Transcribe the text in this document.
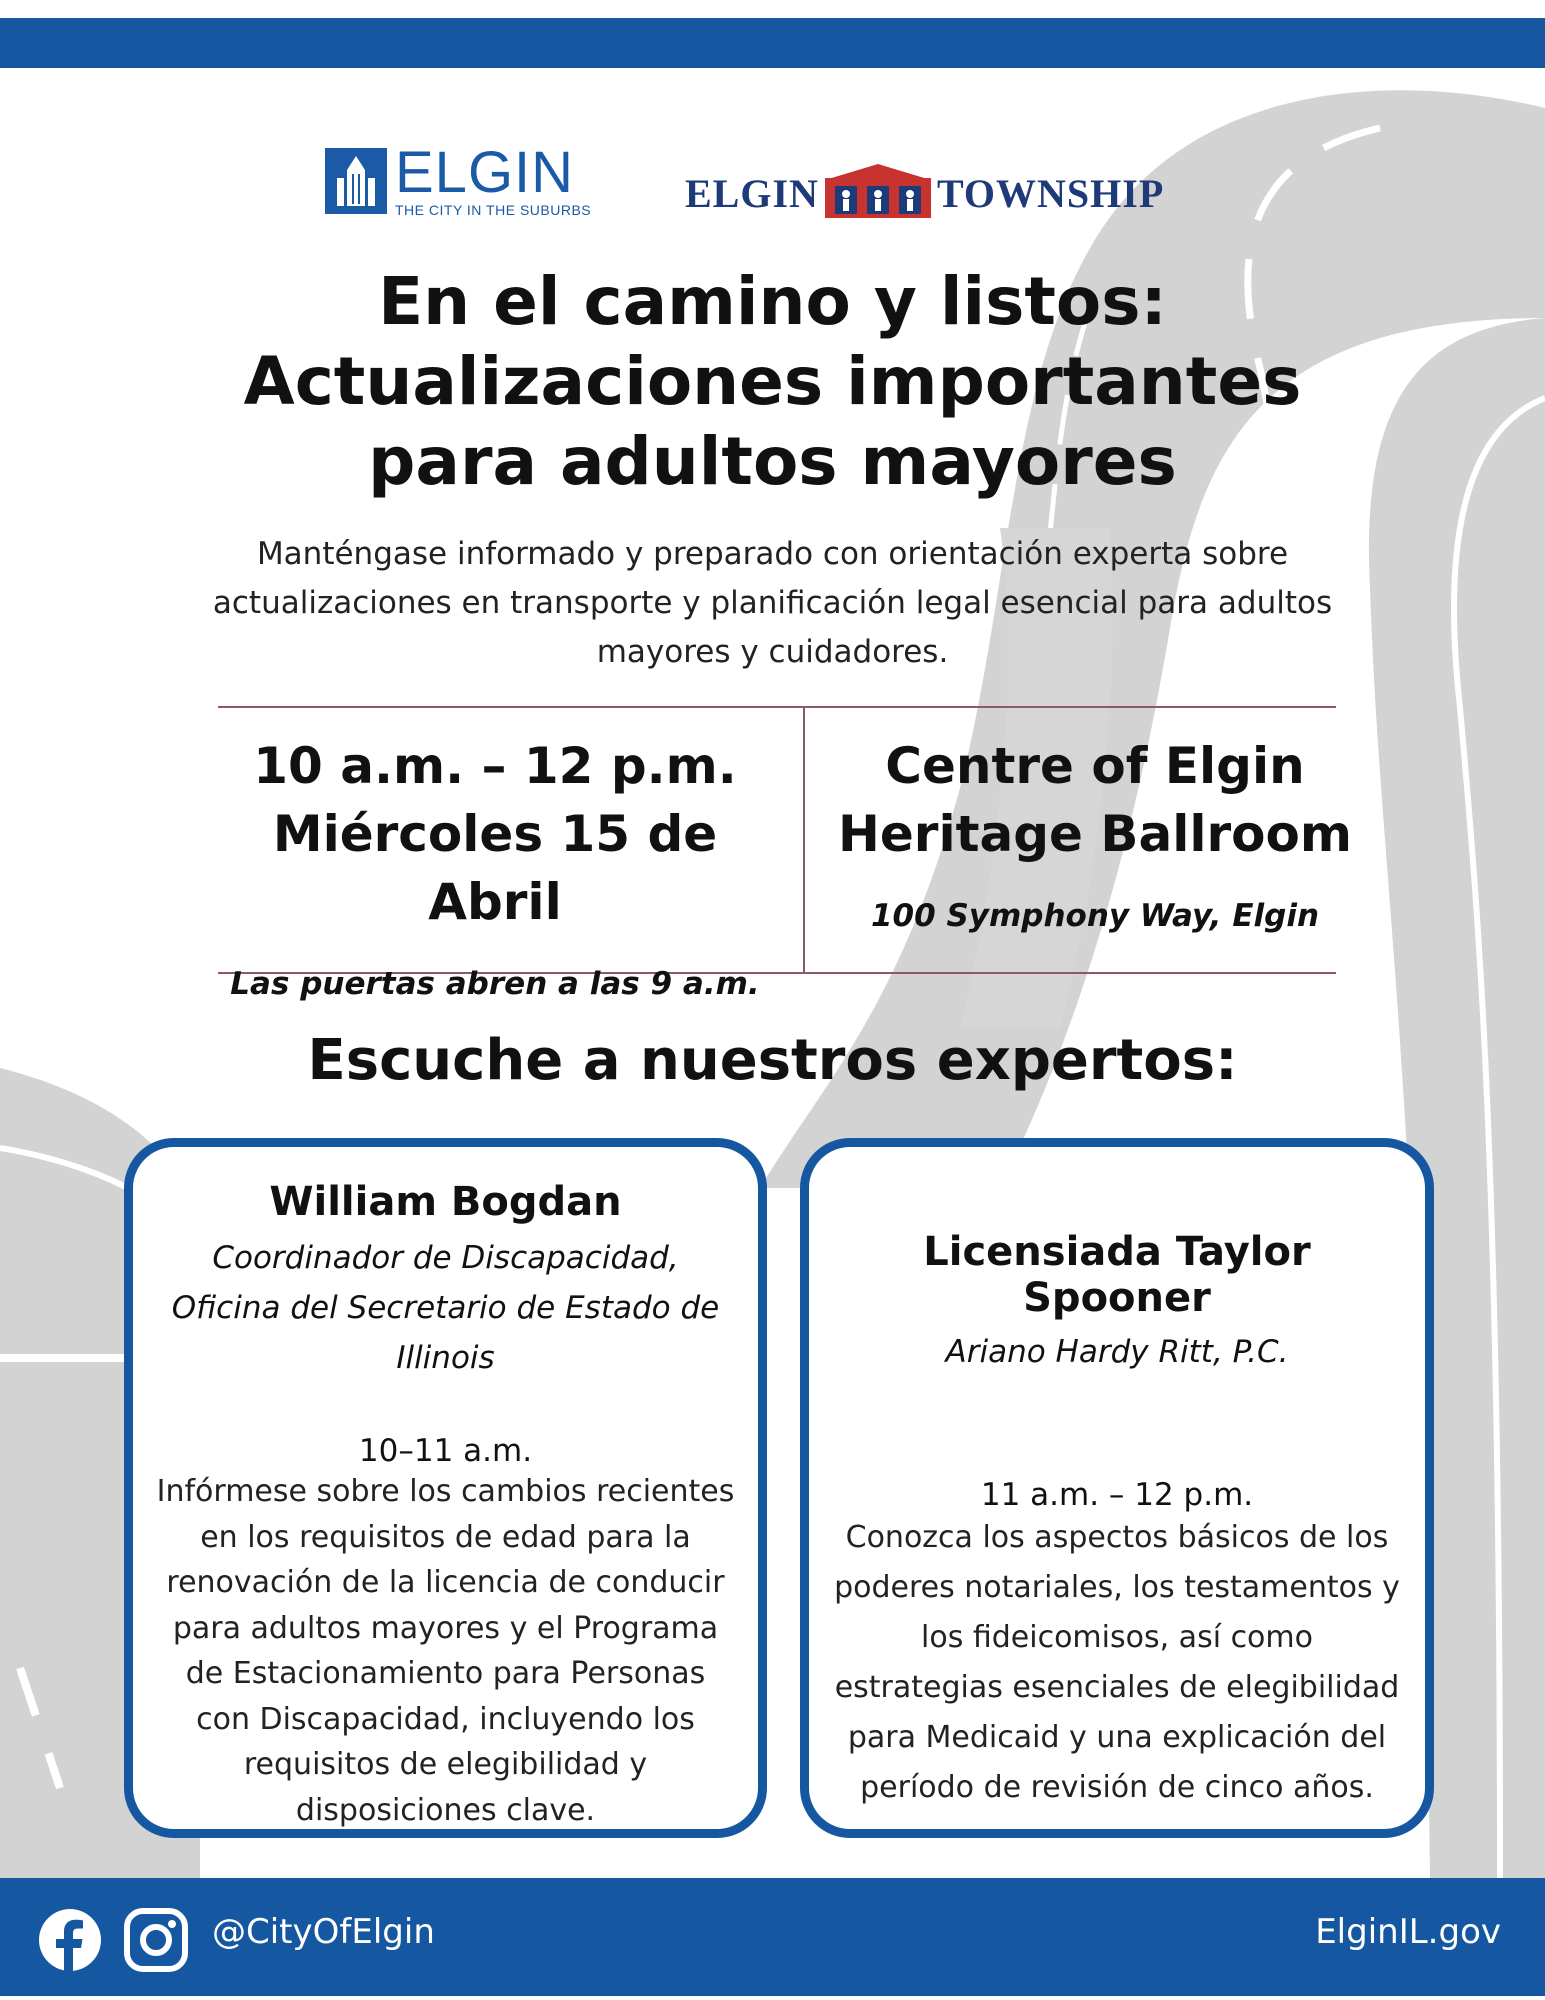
ELGIN
THE CITY IN THE SUBURBS ELGIN	TOWNSHIP
En el camino y listos:
Actualizaciones importantes
para adultos mayores
Manténgase informado y preparado con orientación experta sobre actualizaciones en transporte y planificación legal esencial para adultos mayores y cuidadores.
10 a.m. – 12 p.m.
Miércoles 15 de Abril
Las puertas abren a las 9 a.m.
Centre of Elgin
Heritage Ballroom
100 Symphony Way, Elgin
Escuche a nuestros expertos:
William Bogdan
Coordinador de Discapacidad, Oficina del Secretario de Estado de Illinois
10–11 a.m.
Infórmese sobre los cambios recientes en los requisitos de edad para la renovación de la licencia de conducir para adultos mayores y el Programa de Estacionamiento para Personas con Discapacidad, incluyendo los requisitos de elegibilidad y disposiciones clave.
Licensiada Taylor Spooner
Ariano Hardy Ritt, P.C.
11 a.m. – 12 p.m.
Conozca los aspectos básicos de los poderes notariales, los testamentos y los fideicomisos, así como estrategias esenciales de elegibilidad para Medicaid y una explicación del período de revisión de cinco años.
@CityOfElgin	ElginIL.gov
